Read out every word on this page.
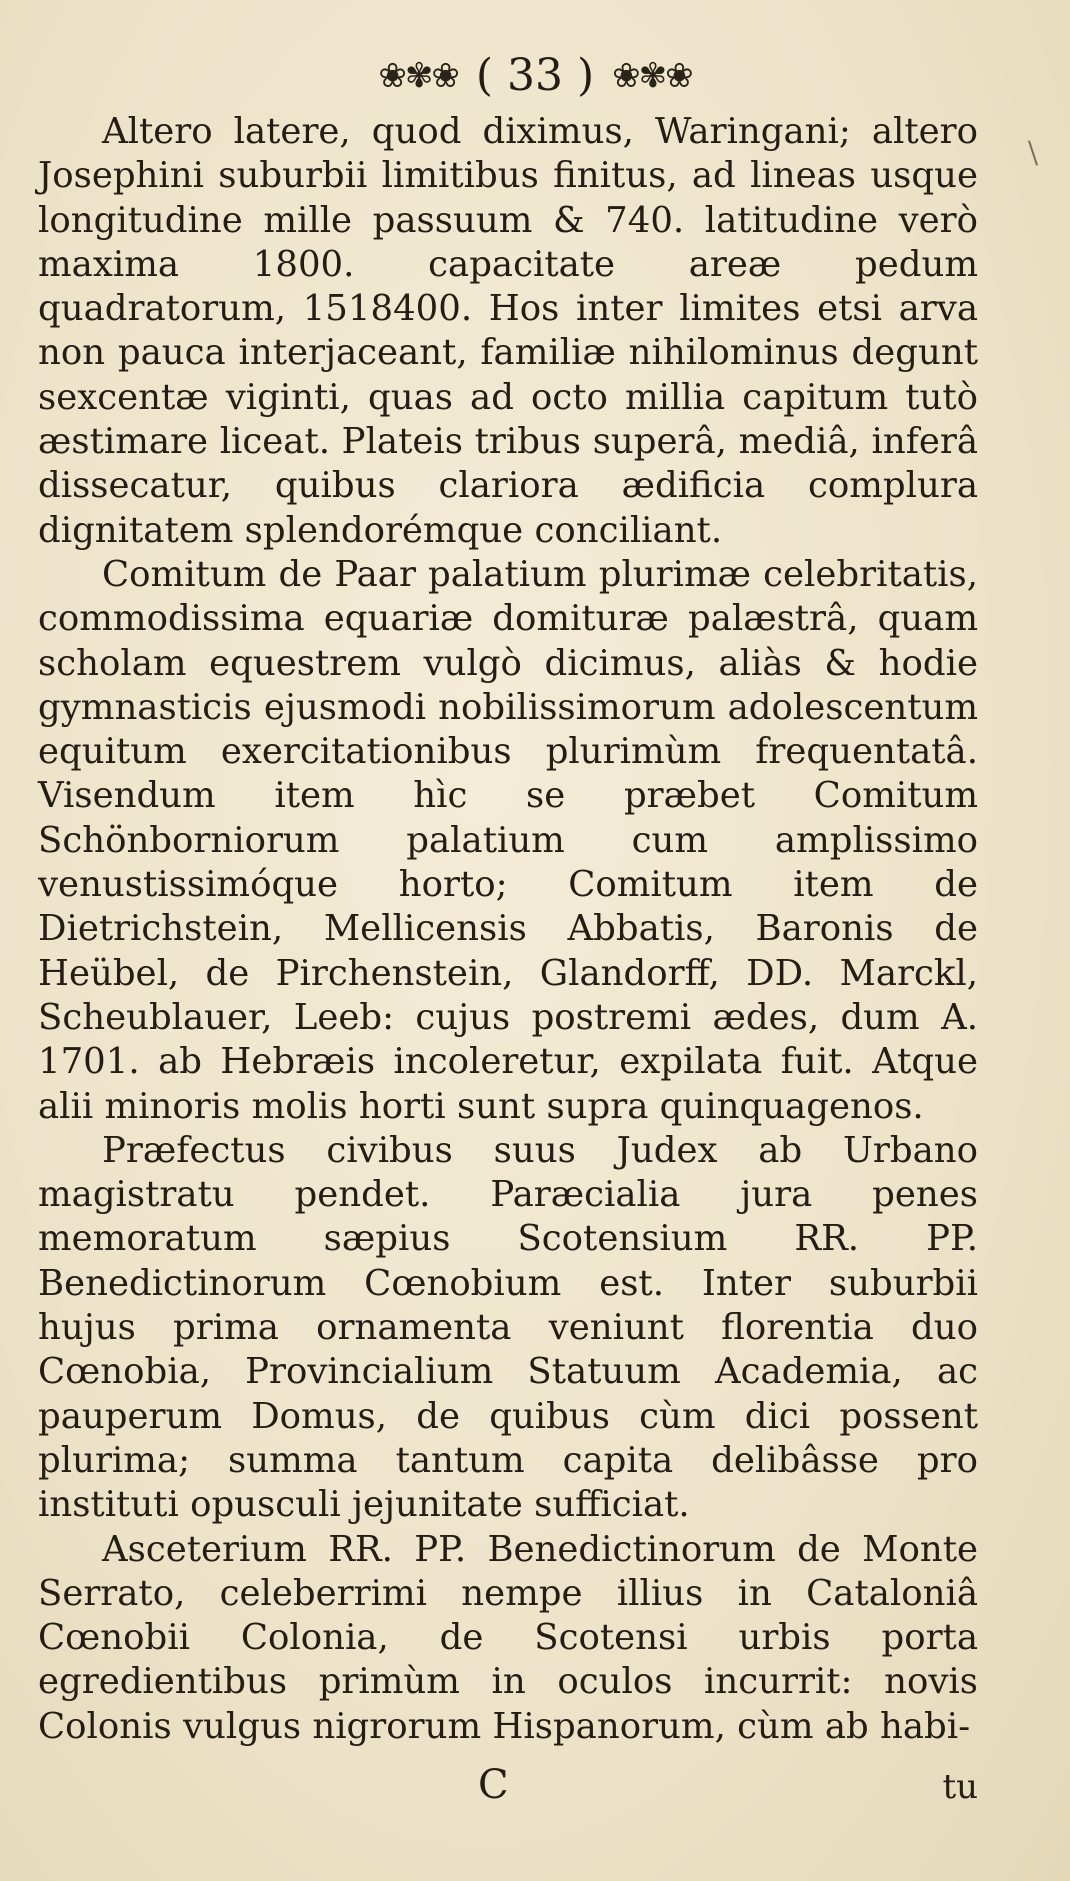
❀✾❀ ( 33 ) ❀✾❀

Altero latere, quod diximus, Waringani; altero Josephini suburbii limitibus finitus, ad lineas usque longitudine mille passuum & 740. latitudine verò maxima 1800. capacitate areæ pedum quadratorum, 1518400. Hos inter limites etsi arva non pauca interjaceant, familiæ nihilominus degunt sexcentæ viginti, quas ad octo millia capitum tutò æstimare liceat. Plateis tribus superâ, mediâ, inferâ dissecatur, quibus clariora ædificia complura dignitatem splendorémque conciliant.

Comitum de Paar palatium plurimæ celebritatis, commodissima equariæ domituræ palæstrâ, quam scholam equestrem vulgò dicimus, aliàs & hodie gymnasticis ejusmodi nobilissimorum adolescentum equitum exercitationibus plurimùm frequentatâ. Visendum item hìc se præbet Comitum Schönborniorum palatium cum amplissimo venustissimóque horto; Comitum item de Dietrichstein, Mellicensis Abbatis, Baronis de Heübel, de Pirchenstein, Glandorff, DD. Marckl, Scheublauer, Leeb: cujus postremi ædes, dum A. 1701. ab Hebræis incoleretur, expilata fuit. Atque alii minoris molis horti sunt supra quinquagenos.

Præfectus civibus suus Judex ab Urbano magistratu pendet. Paræcialia jura penes memoratum sæpius Scotensium RR. PP. Benedictinorum Cœnobium est. Inter suburbii hujus prima ornamenta veniunt florentia duo Cœnobia, Provincialium Statuum Academia, ac pauperum Domus, de quibus cùm dici possent plurima; summa tantum capita delibâsse pro instituti opusculi jejunitate sufficiat.

Asceterium RR. PP. Benedictinorum de Monte Serrato, celeberrimi nempe illius in Cataloniâ Cœnobii Colonia, de Scotensi urbis porta egredientibus primùm in oculos incurrit: novis Colonis vulgus nigrorum Hispanorum, cùm ab habi-

C	tu
